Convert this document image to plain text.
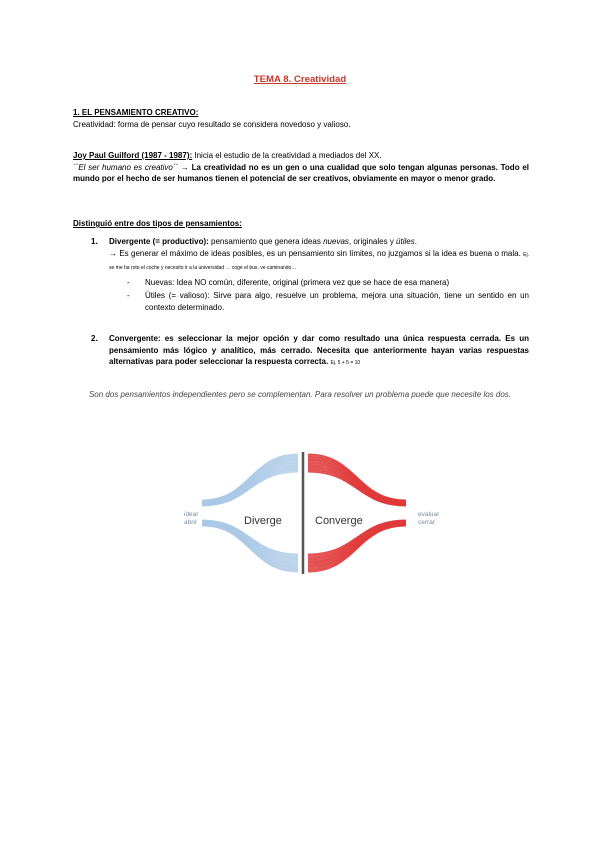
TEMA 8. Creatividad
1. EL PENSAMIENTO CREATIVO:
Creatividad: forma de pensar cuyo resultado se considera novedoso y valioso.
Joy Paul Guilford (1987 - 1987): Inicia el estudio de la creatividad a mediados del XX.
´´El ser humano es creativo´´ → La creatividad no es un gen o una cualidad que solo tengan algunas personas. Todo el mundo por el hecho de ser humanos tienen el potencial de ser creativos, obviamente en mayor o menor grado.
Distinguió entre dos tipos de pensamientos:
1. Divergente (= productivo): pensamiento que genera ideas nuevas, originales y útiles.
→ Es generar el máximo de ideas posibles, es un pensamiento sin límites, no juzgamos si la idea es buena o mala. Ej. se me ha roto el coche y necesito ir a la universidad → coge el bus, ve caminando…
- Nuevas: Idea NO común, diferente, original (primera vez que se hace de esa manera)
- Útiles (= valioso): Sirve para algo, resuelve un problema, mejora una situación, tiene un sentido en un contexto determinado.
2. Convergente: es seleccionar la mejor opción y dar como resultado una única respuesta cerrada. Es un pensamiento más lógico y analítico, más cerrado. Necesita que anteriormente hayan varias respuestas alternativas para poder seleccionar la respuesta correcta. Ej. 5 + 5 = 10
Son dos pensamientos independientes pero se complementan. Para resolver un problema puede que necesite los dos.
idear
abrir	Diverge	Converge
evaluar
cerrar
